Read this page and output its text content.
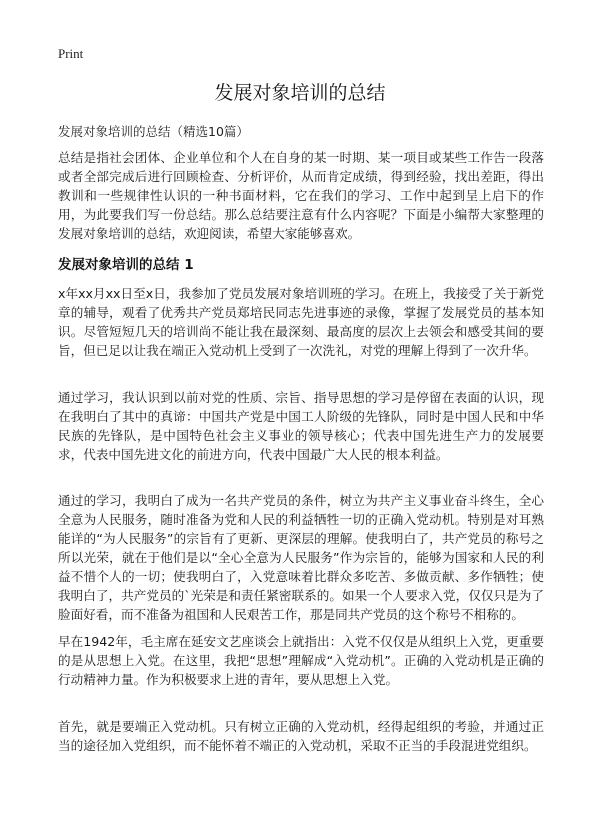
Print
发展对象培训的总结
发展对象培训的总结（精选10篇）

总结是指社会团体、企业单位和个人在自身的某一时期、某一项目或某些工作告一段落或者全部完成后进行回顾检查、分析评价，从而肯定成绩，得到经验，找出差距，得出教训和一些规律性认识的一种书面材料，它在我们的学习、工作中起到呈上启下的作用，为此要我们写一份总结。那么总结要注意有什么内容呢？下面是小编帮大家整理的发展对象培训的总结，欢迎阅读，希望大家能够喜欢。

发展对象培训的总结 1

x年xx月xx日至x日，我参加了党员发展对象培训班的学习。在班上，我接受了关于新党章的辅导，观看了优秀共产党员郑培民同志先进事迹的录像，掌握了发展党员的基本知识。尽管短短几天的培训尚不能让我在最深刻、最高度的层次上去领会和感受其间的要旨，但已足以让我在端正入党动机上受到了一次洗礼，对党的理解上得到了一次升华。

通过学习，我认识到以前对党的性质、宗旨、指导思想的学习是停留在表面的认识，现在我明白了其中的真谛：中国共产党是中国工人阶级的先锋队，同时是中国人民和中华民族的先锋队，是中国特色社会主义事业的领导核心；代表中国先进生产力的发展要求，代表中国先进文化的前进方向，代表中国最广大人民的根本利益。

通过的学习，我明白了成为一名共产党员的条件，树立为共产主义事业奋斗终生，全心全意为人民服务，随时准备为党和人民的利益牺牲一切的正确入党动机。特别是对耳熟能详的“为人民服务”的宗旨有了更新、更深层的理解。使我明白了，共产党员的称号之所以光荣，就在于他们是以“全心全意为人民服务”作为宗旨的，能够为国家和人民的利益不惜个人的一切；使我明白了，入党意味着比群众多吃苦、多做贡献、多作牺牲；使我明白了，共产党员的`光荣是和责任紧密联系的。如果一个人要求入党，仅仅只是为了脸面好看，而不准备为祖国和人民艰苦工作，那是同共产党员的这个称号不相称的。

早在1942年，毛主席在延安文艺座谈会上就指出：入党不仅仅是从组织上入党，更重要的是从思想上入党。在这里，我把“思想”理解成“入党动机”。正确的入党动机是正确的行动精神力量。作为积极要求上进的青年，要从思想上入党。

首先，就是要端正入党动机。只有树立正确的入党动机，经得起组织的考验，并通过正当的途径加入党组织，而不能怀着不端正的入党动机，采取不正当的手段混进党组织。
